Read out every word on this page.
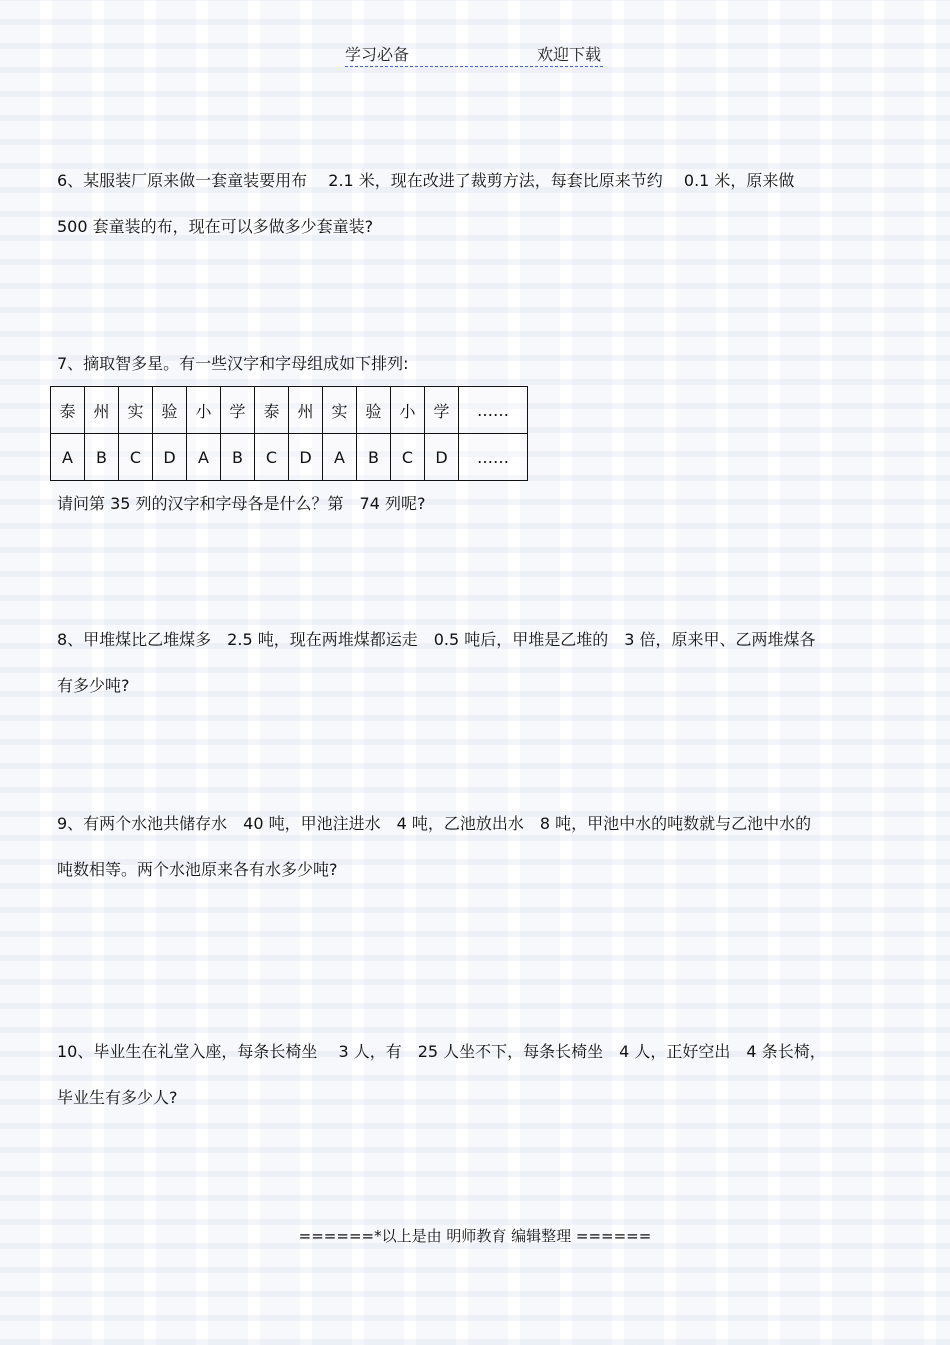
学习必备	欢迎下载

6、某服装厂原来做一套童装要用布　 2.1 米，现在改进了裁剪方法，每套比原来节约　 0.1 米，原来做

500 套童装的布，现在可以多做多少套童装?

7、摘取智多星。有一些汉字和字母组成如下排列:

泰	州	实	验	小	学	泰	州	实	验	小	学	……
A	B	C	D	A	B	C	D	A	B	C	D	……

请问第 35 列的汉字和字母各是什么？第　74 列呢?

8、甲堆煤比乙堆煤多　2.5 吨，现在两堆煤都运走　0.5 吨后，甲堆是乙堆的　3 倍，原来甲、乙两堆煤各

有多少吨?

9、有两个水池共储存水　40 吨，甲池注进水　4 吨，乙池放出水　8 吨，甲池中水的吨数就与乙池中水的

吨数相等。两个水池原来各有水多少吨?

10、毕业生在礼堂入座，每条长椅坐　 3 人，有　25 人坐不下，每条长椅坐　4 人，正好空出　4 条长椅，

毕业生有多少人?

======*以上是由 明师教育 编辑整理 ======
